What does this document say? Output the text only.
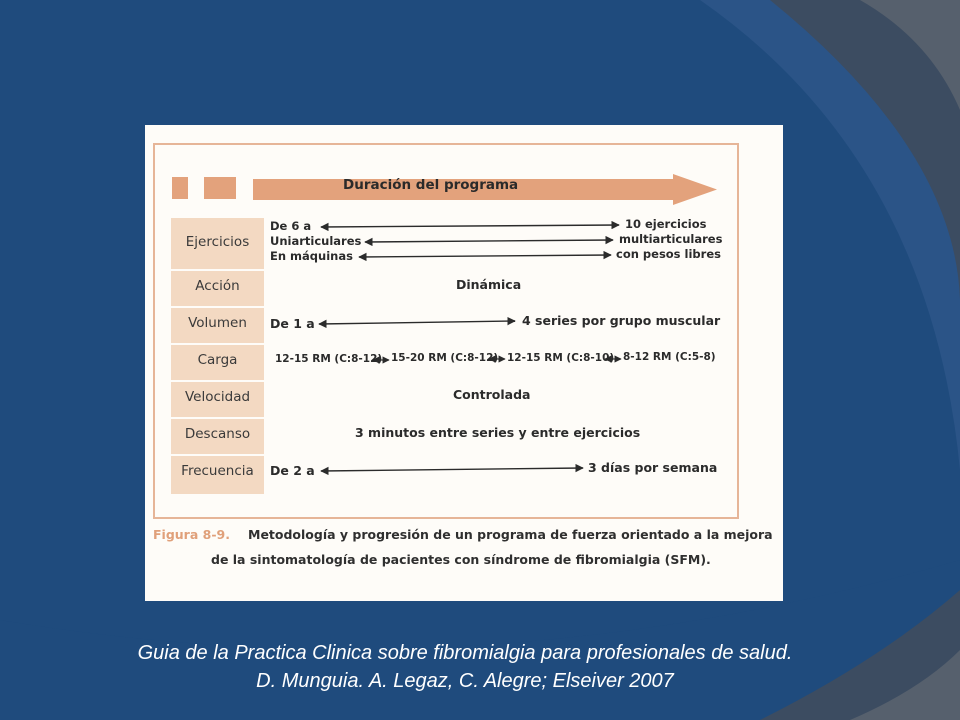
Duración del programa
Ejercicios
Acción
Volumen
Carga
Velocidad
Descanso
Frecuencia
De 6 a
Uniarticulares
En máquinas
10 ejercicios
multiarticulares
con pesos libres
Dinámica
De 1 a	4 series por grupo muscular
12-15 RM (C:8-12) 15-20 RM (C:8-12) 12-15 RM (C:8-10) 8-12 RM (C:5-8)
Controlada
3 minutos entre series y entre ejercicios
De 2 a	3 días por semana
Figura 8-9. Metodología y progresión de un programa de fuerza orientado a la mejora
de la sintomatología de pacientes con síndrome de fibromialgia (SFM).
Guia de la Practica Clinica sobre fibromialgia para profesionales de salud.
D. Munguia. A. Legaz, C. Alegre; Elseiver 2007
